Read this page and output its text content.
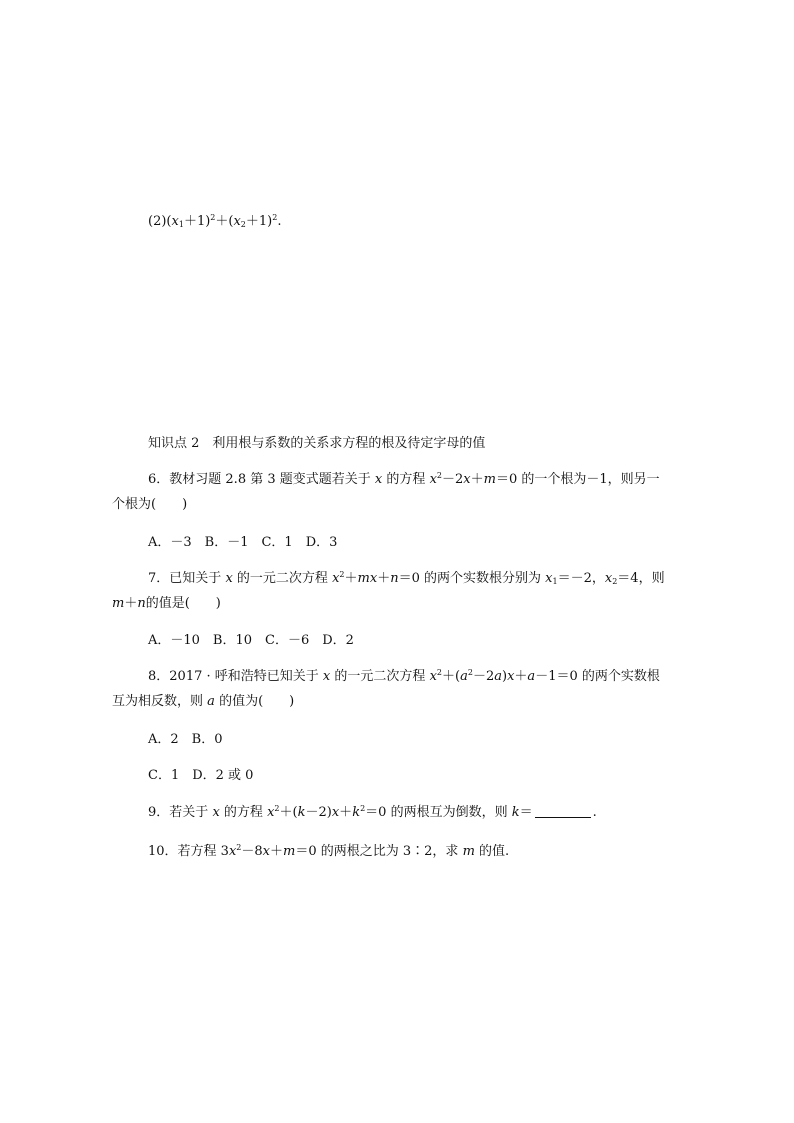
$(2)(x_1+1)^2+(x_2+1)^2$.
知识点 2　利用根与系数的关系求方程的根及待定字母的值
6．教材习题 2.8 第 3 题变式题若关于 x 的方程 $x^2-2x+m=0$ 的一个根为－1，则另一
个根为(　　)
A．－3　B．－1　C．1　D．3
7．已知关于 x 的一元二次方程 $x^2+mx+n=0$ 的两个实数根分别为 $x_1=-2$，$x_2=4$，则
m＋n的值是(　　)
A．－10　B．10　C．－6　D．2
8．2017 · 呼和浩特已知关于 x 的一元二次方程 $x^2+(a^2-2a)x+a-1=0$ 的两个实数根
互为相反数，则 a 的值为(　　)
A．2　B．0
C．1　D．2 或 0
9．若关于 x 的方程 $x^2+(k-2)x+k^2=0$ 的两根互为倒数，则 k＝	.
10．若方程 $3x^2-8x+m=0$ 的两根之比为 3∶2，求 m 的值.
